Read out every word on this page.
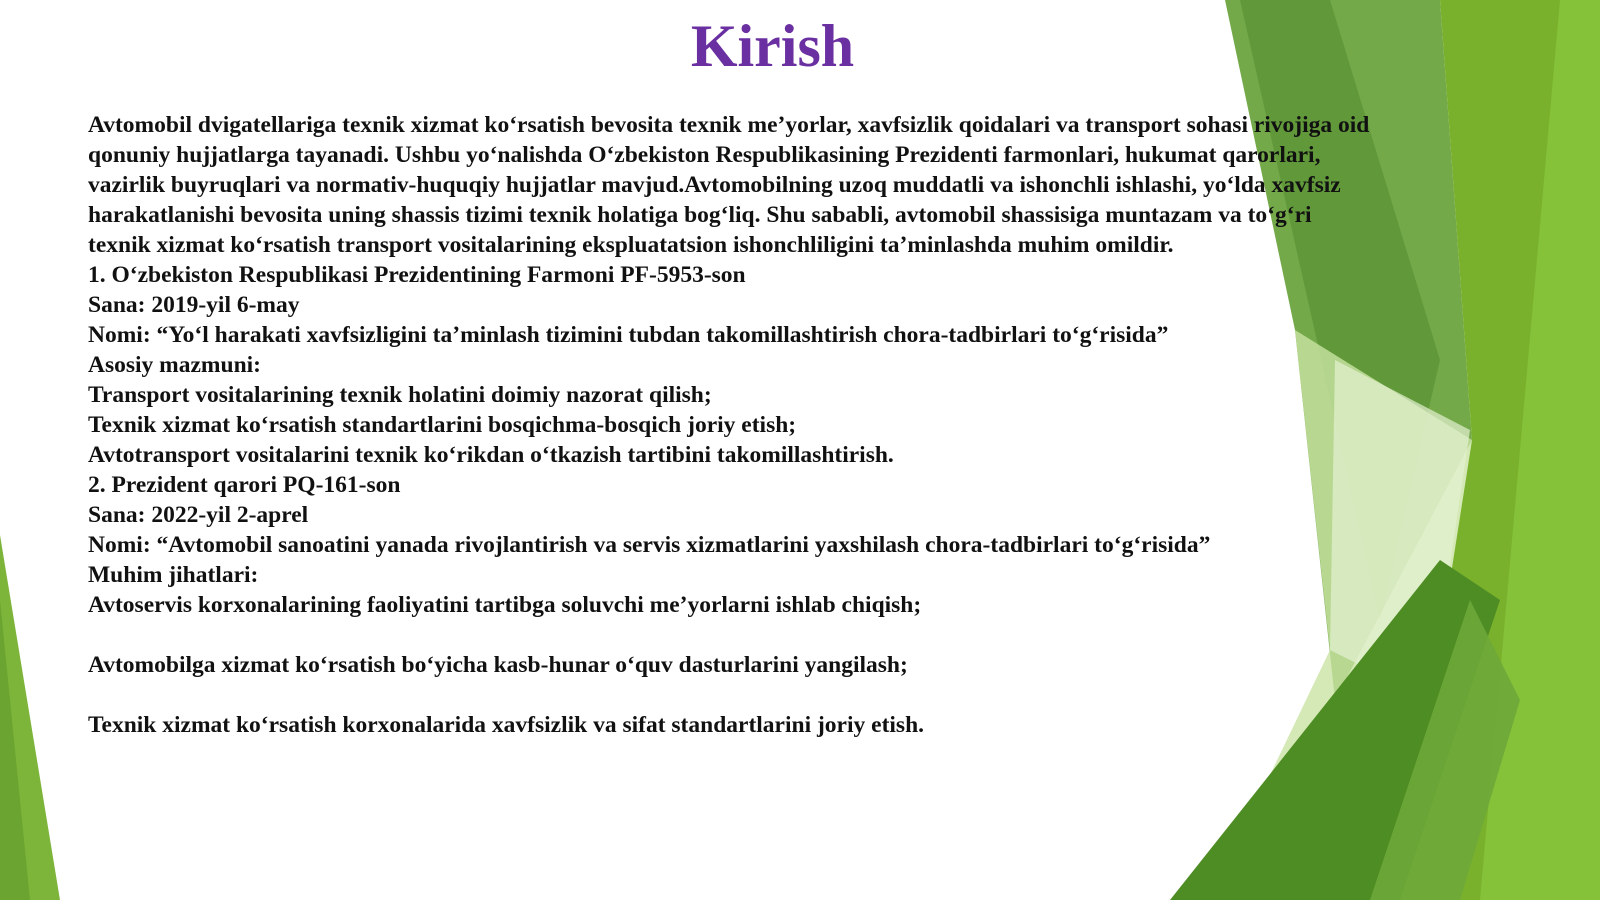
Kirish
Avtomobil dvigatellariga texnik xizmat ko‘rsatish bevosita texnik me’yorlar, xavfsizlik qoidalari va transport sohasi rivojiga oid
qonuniy hujjatlarga tayanadi. Ushbu yo‘nalishda O‘zbekiston Respublikasining Prezidenti farmonlari, hukumat qarorlari,
vazirlik buyruqlari va normativ-huquqiy hujjatlar mavjud.Avtomobilning uzoq muddatli va ishonchli ishlashi, yo‘lda xavfsiz
harakatlanishi bevosita uning shassis tizimi texnik holatiga bog‘liq. Shu sababli, avtomobil shassisiga muntazam va to‘g‘ri
texnik xizmat ko‘rsatish transport vositalarining ekspluatatsion ishonchliligini ta’minlashda muhim omildir.
1. O‘zbekiston Respublikasi Prezidentining Farmoni PF-5953-son
Sana: 2019-yil 6-may
Nomi: “Yo‘l harakati xavfsizligini ta’minlash tizimini tubdan takomillashtirish chora-tadbirlari to‘g‘risida”
Asosiy mazmuni:
Transport vositalarining texnik holatini doimiy nazorat qilish;
Texnik xizmat ko‘rsatish standartlarini bosqichma-bosqich joriy etish;
Avtotransport vositalarini texnik ko‘rikdan o‘tkazish tartibini takomillashtirish.
2. Prezident qarori PQ-161-son
Sana: 2022-yil 2-aprel
Nomi: “Avtomobil sanoatini yanada rivojlantirish va servis xizmatlarini yaxshilash chora-tadbirlari to‘g‘risida”
Muhim jihatlari:
Avtoservis korxonalarining faoliyatini tartibga soluvchi me’yorlarni ishlab chiqish;
Avtomobilga xizmat ko‘rsatish bo‘yicha kasb-hunar o‘quv dasturlarini yangilash;
Texnik xizmat ko‘rsatish korxonalarida xavfsizlik va sifat standartlarini joriy etish.
